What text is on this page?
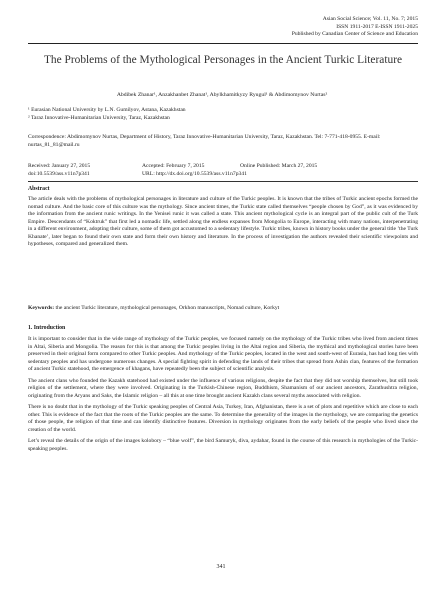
Asian Social Science; Vol. 11, No. 7; 2015
ISSN 1911-2017 E-ISSN 1911-2025
Published by Canadian Center of Science and Education
The Problems of the Mythological Personages in the Ancient Turkic Literature
Abdibek Zhanar¹, Anzakhanbet Zhanat¹, Abylkhamitkyzy Ryugul¹ & Abdimomynov Nurtas²
¹ Eurasian National University by L.N. Gumilyov, Astana, Kazakhstan
² Taraz Innovative-Humanitarian University, Taraz, Kazakhstan
Correspondence: Abdimomynov Nurtas, Department of History, Taraz Innovative-Humanitarian University, Taraz, Kazakhstan. Tel: 7-771-418-0955. E-mail: nurtas_81_81@mail.ru
Received: January 27, 2015	Accepted: February 7, 2015	Online Published: March 27, 2015
doi:10.5539/ass.v11n7p341	URL: http://dx.doi.org/10.5539/ass.v11n7p341
Abstract
The article deals with the problems of mythological personages in literature and culture of the Turkic peoples. It is known that the tribes of Turkic ancient epochs formed the nomad culture. And the basic core of this culture was the mythology. Since ancient times, the Turkic state called themselves “people chosen by God”, as it was evidenced by the information from the ancient runic writings. In the Yenisei runic it was called a state. This ancient mythological cycle is an integral part of the public cult of the Turk Empire. Descendants of “Koktruk” that first led a nomadic life, settled along the endless expanses from Mongolia to Europe, interacting with many nations, interpenetrating in a different environment, adopting their culture, some of them got accustomed to a sedentary lifestyle. Turkic tribes, known in history books under the general title ’the Turk Khanate’, later began to found their own state and form their own history and literature. In the process of investigation the authors revealed their scientific viewpoints and hypotheses, compared and generalized them.
Keywords: the ancient Turkic literature, mythological personages, Orkhon manuscripts, Nomad culture, Korkyt
1. Introduction

It is important to consider that in the wide range of mythology of the Turkic peoples, we focused namely on the mythology of the Turkic tribes who lived from ancient times in Altai, Siberia and Mongolia. The reason for this is that among the Turkic peoples living in the Altai region and Siberia, the mythical and mythological stories have been preserved in their original form compared to other Turkic peoples. And mythology of the Turkic peoples, located in the west and south-west of Eurasia, has had long ties with sedentary peoples and has undergone numerous changes. A special fighting spirit in defending the lands of their tribes that spread from Ashin clan, features of the formation of ancient Turkic statehood, the emergence of khagans, have repeatedly been the subject of scientific analysis.

The ancient clans who founded the Kazakh statehood had existed under the influence of various religions, despite the fact that they did not worship themselves, but still took religion of the settlement, where they were involved. Originating in the Turkish-Chinese region, Buddhism, Shamanism of our ancient ancestors, Zarathushtra religion, originating from the Aryans and Saks, the Islamic religion – all this at one time brought ancient Kazakh clans several myths associated with religion.

There is no doubt that in the mythology of the Turkic speaking peoples of Central Asia, Turkey, Iran, Afghanistan, there is a set of plots and repetitive which are close to each other. This is evidence of the fact that the roots of the Turkic peoples are the same. To determine the generality of the images in the mythology, we are comparing the genetics of those people, the religion of that time and can identify distinctive features. Diversion in mythology originates from the early beliefs of the people who lived since the creation of the world.

Let’s reveal the details of the origin of the images kolobory – “blue wolf”, the bird Samuryk, diva, aydahar, found in the course of this research in mythologies of the Turkic-speaking peoples.

341
